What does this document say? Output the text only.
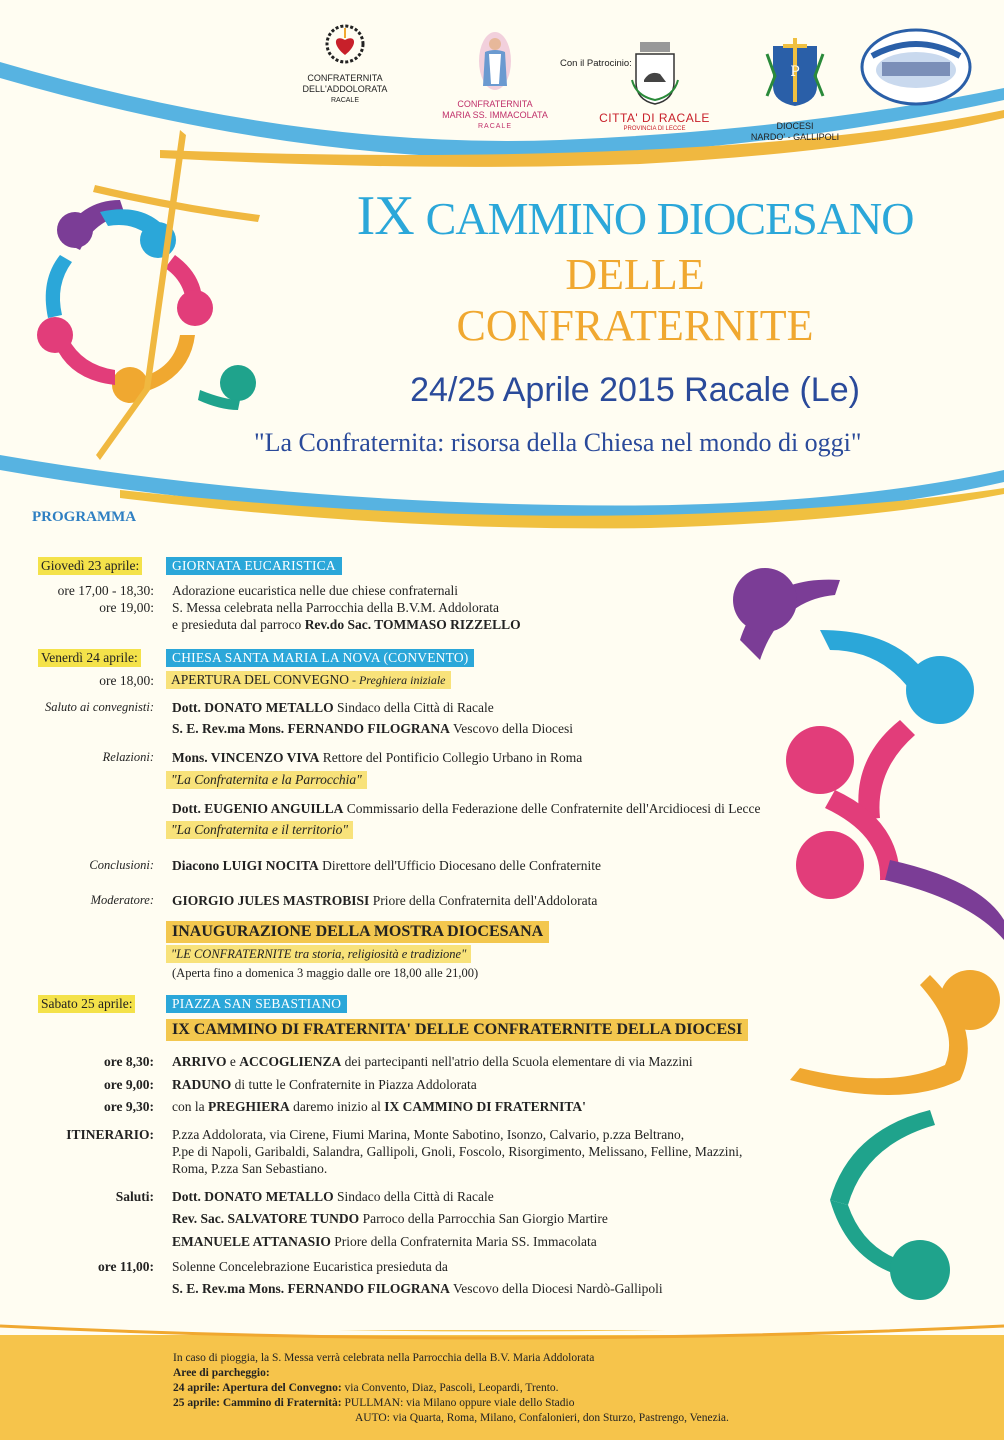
CONFRATERNITA
DELL'ADDOLORATA
RACALE	CONFRATERNITA
MARIA SS. IMMACOLATA
RACALE
Con il Patrocinio:
CITTA' DI RACALE
PROVINCIA DI LECCE
P
DIOCESI
NARDO' - GALLIPOLI
IX CAMMINO DIOCESANO
DELLE
CONFRATERNITE
24/25 Aprile 2015 Racale (Le)
"La Confraternita: risorsa della Chiesa nel mondo di oggi"
PROGRAMMA
Giovedì 23 aprile:	GIORNATA EUCARISTICA
ore 17,00 - 18,30: Adorazione eucaristica nelle due chiese confraternali
ore 19,00: S. Messa celebrata nella Parrocchia della B.V.M. Addolorata
e presieduta dal parroco Rev.do Sac. TOMMASO RIZZELLO
Venerdì 24 aprile:	CHIESA SANTA MARIA LA NOVA (CONVENTO)
ore 18,00:	APERTURA DEL CONVEGNO - Preghiera iniziale
Saluto ai convegnisti: Dott. DONATO METALLO Sindaco della Città di Racale
S. E. Rev.ma Mons. FERNANDO FILOGRANA Vescovo della Diocesi
Relazioni: Mons. VINCENZO VIVA Rettore del Pontificio Collegio Urbano in Roma
"La Confraternita e la Parrocchia"
Dott. EUGENIO ANGUILLA Commissario della Federazione delle Confraternite dell'Arcidiocesi di Lecce
"La Confraternita e il territorio"
Conclusioni: Diacono LUIGI NOCITA Direttore dell'Ufficio Diocesano delle Confraternite
Moderatore: GIORGIO JULES MASTROBISI Priore della Confraternita dell'Addolorata
INAUGURAZIONE DELLA MOSTRA DIOCESANA
"LE CONFRATERNITE tra storia, religiosità e tradizione"
(Aperta fino a domenica 3 maggio dalle ore 18,00 alle 21,00)
Sabato 25 aprile:	PIAZZA SAN SEBASTIANO
IX CAMMINO DI FRATERNITA' DELLE CONFRATERNITE DELLA DIOCESI
ore 8,30: ARRIVO e ACCOGLIENZA dei partecipanti nell'atrio della Scuola elementare di via Mazzini
ore 9,00: RADUNO di tutte le Confraternite in Piazza Addolorata
ore 9,30: con la PREGHIERA daremo inizio al IX CAMMINO DI FRATERNITA'
ITINERARIO: P.zza Addolorata, via Cirene, Fiumi Marina, Monte Sabotino, Isonzo, Calvario, p.zza Beltrano,
P.pe di Napoli, Garibaldi, Salandra, Gallipoli, Gnoli, Foscolo, Risorgimento, Melissano, Felline, Mazzini,
Roma, P.zza San Sebastiano.
Saluti: Dott. DONATO METALLO Sindaco della Città di Racale
Rev. Sac. SALVATORE TUNDO Parroco della Parrocchia San Giorgio Martire
EMANUELE ATTANASIO Priore della Confraternita Maria SS. Immacolata
ore 11,00: Solenne Concelebrazione Eucaristica presieduta da
S. E. Rev.ma Mons. FERNANDO FILOGRANA Vescovo della Diocesi Nardò-Gallipoli
In caso di pioggia, la S. Messa verrà celebrata nella Parrocchia della B.V. Maria Addolorata
Aree di parcheggio:
24 aprile: Apertura del Convegno: via Convento, Diaz, Pascoli, Leopardi, Trento.
25 aprile: Cammino di Fraternità: PULLMAN: via Milano oppure viale dello Stadio
AUTO: via Quarta, Roma, Milano, Confalonieri, don Sturzo, Pastrengo, Venezia.
